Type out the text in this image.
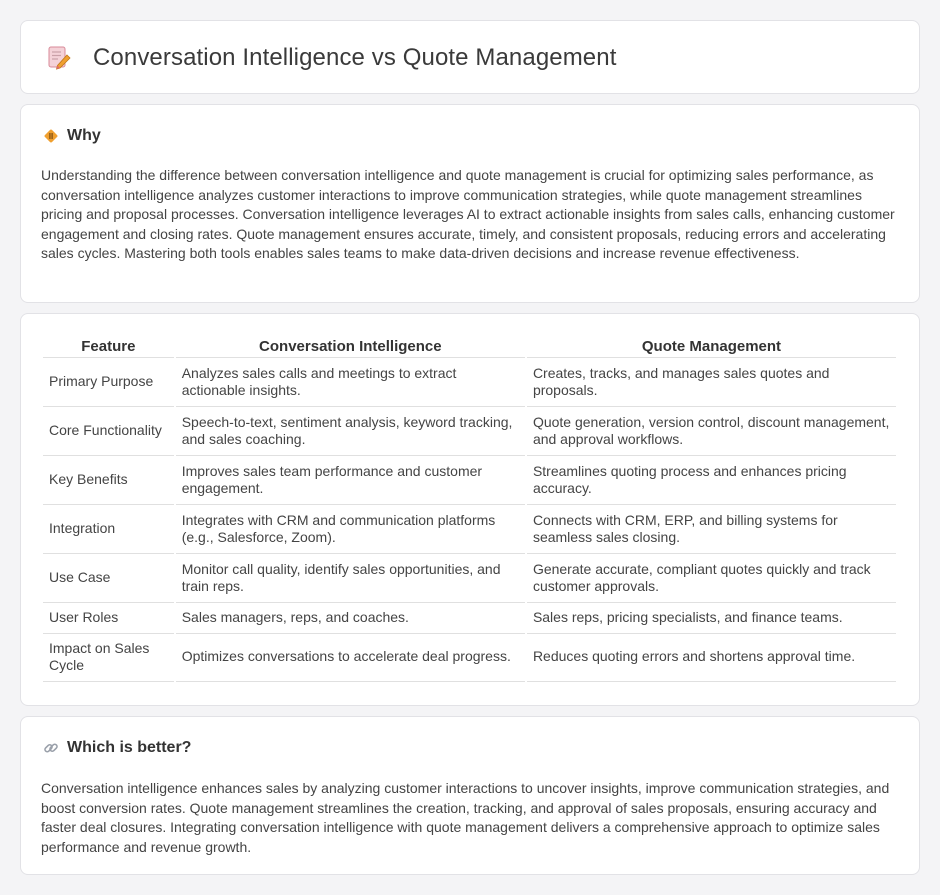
Conversation Intelligence vs Quote Management
Why

Understanding the difference between conversation intelligence and quote management is crucial for optimizing sales performance, as conversation intelligence analyzes customer interactions to improve communication strategies, while quote management streamlines pricing and proposal processes. Conversation intelligence leverages AI to extract actionable insights from sales calls, enhancing customer engagement and closing rates. Quote management ensures accurate, timely, and consistent proposals, reducing errors and accelerating sales cycles. Mastering both tools enables sales teams to make data-driven decisions and increase revenue effectiveness.

Feature	Conversation Intelligence	Quote Management
Primary Purpose	Analyzes sales calls and meetings to extract actionable insights.	Creates, tracks, and manages sales quotes and proposals.
Core Functionality	Speech-to-text, sentiment analysis, keyword tracking, and sales coaching.	Quote generation, version control, discount management, and approval workflows.
Key Benefits	Improves sales team performance and customer engagement.	Streamlines quoting process and enhances pricing accuracy.
Integration	Integrates with CRM and communication platforms (e.g., Salesforce, Zoom).	Connects with CRM, ERP, and billing systems for seamless sales closing.
Use Case	Monitor call quality, identify sales opportunities, and train reps.	Generate accurate, compliant quotes quickly and track customer approvals.
User Roles	Sales managers, reps, and coaches.	Sales reps, pricing specialists, and finance teams.
Impact on Sales Cycle	Optimizes conversations to accelerate deal progress.	Reduces quoting errors and shortens approval time.
Which is better?

Conversation intelligence enhances sales by analyzing customer interactions to uncover insights, improve communication strategies, and boost conversion rates. Quote management streamlines the creation, tracking, and approval of sales proposals, ensuring accuracy and faster deal closures. Integrating conversation intelligence with quote management delivers a comprehensive approach to optimize sales performance and revenue growth.
